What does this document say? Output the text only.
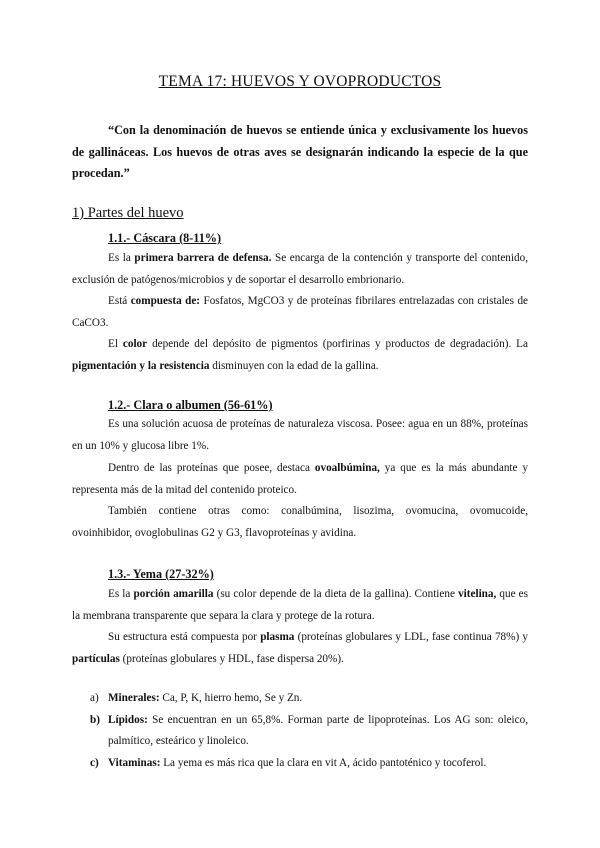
TEMA 17: HUEVOS Y OVOPRODUCTOS
“Con la denominación de huevos se entiende única y exclusivamente los huevos de gallináceas. Los huevos de otras aves se designarán indicando la especie de la que procedan.”
1) Partes del huevo
1.1.- Cáscara (8-11%)
Es la primera barrera de defensa. Se encarga de la contención y transporte del contenido, exclusión de patógenos/microbios y de soportar el desarrollo embrionario.
Está compuesta de: Fosfatos, MgCO3 y de proteínas fibrilares entrelazadas con cristales de CaCO3.
El color depende del depósito de pigmentos (porfirinas y productos de degradación). La pigmentación y la resistencia disminuyen con la edad de la gallina.
1.2.- Clara o albumen (56-61%)
Es una solución acuosa de proteínas de naturaleza viscosa. Posee: agua en un 88%, proteínas en un 10% y glucosa libre 1%.
Dentro de las proteínas que posee, destaca ovoalbúmina, ya que es la más abundante y representa más de la mitad del contenido proteico.
También contiene otras como: conalbúmina, lisozima, ovomucina, ovomucoide, ovoinhibidor, ovoglobulinas G2 y G3, flavoproteínas y avidina.
1.3.- Yema (27-32%)
Es la porción amarilla (su color depende de la dieta de la gallina). Contiene vitelina, que es la membrana transparente que separa la clara y protege de la rotura.
Su estructura está compuesta por plasma (proteínas globulares y LDL, fase continua 78%) y partículas (proteínas globulares y HDL, fase dispersa 20%).
a) Minerales: Ca, P, K, hierro hemo, Se y Zn.
b) Lípidos: Se encuentran en un 65,8%. Forman parte de lipoproteínas. Los AG son: oleico, palmítico, esteárico y linoleico.
c) Vitaminas: La yema es más rica que la clara en vit A, ácido pantoténico y tocoferol.
